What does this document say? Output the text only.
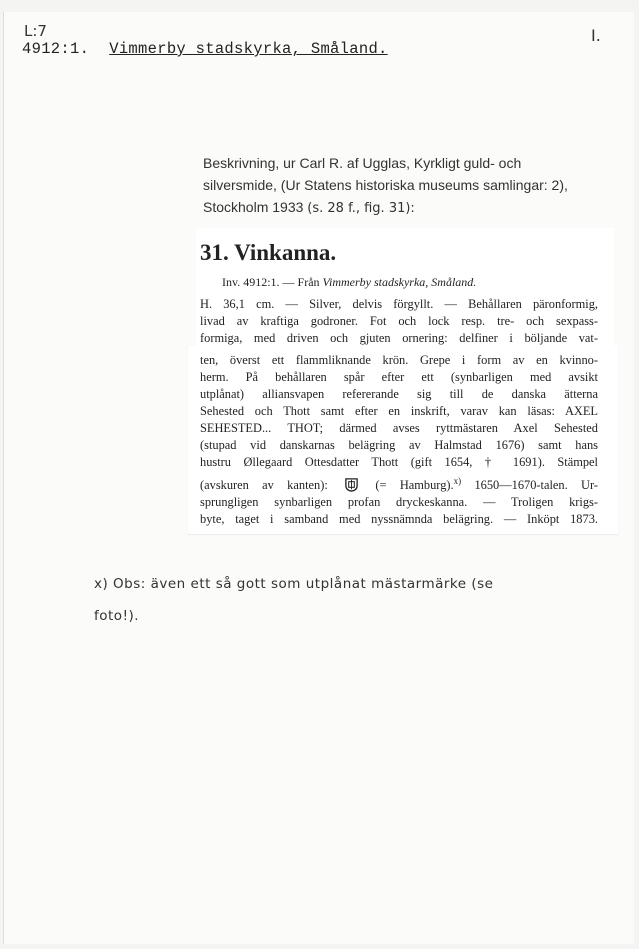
L:7	I.
4912:1. Vimmerby stadskyrka, Småland.
Beskrivning, ur Carl R. af Ugglas, Kyrkligt guld- och
silversmide, (Ur Statens historiska museums samlingar: 2),
Stockholm 1933 (s. 28 f., fig. 31):
31. Vinkanna.
Inv. 4912:1. — Från Vimmerby stadskyrka, Småland.
H. 36,1 cm. — Silver, delvis förgyllt. — Behållaren päronformig,
livad av kraftiga godroner. Fot och lock resp. tre- och sexpass-
formiga, med driven och gjuten ornering: delfiner i böljande vat-
ten, överst ett flammliknande krön. Grepe i form av en kvinno-
herm. På behållaren spår efter ett (synbarligen med avsikt
utplånat) alliansvapen refererande sig till de danska ätterna
Sehested och Thott samt efter en inskrift, varav kan läsas: AXEL
SEHESTED... THOT; därmed avses ryttmästaren Axel Sehested
(stupad vid danskarnas belägring av Halmstad 1676) samt hans
hustru Øllegaard Ottesdatter Thott (gift 1654, † 1691). Stämpel
(avskuren av kanten):	(= Hamburg).$^{x)}$ 1650—1670-talen. Ur-
sprungligen synbarligen profan dryckeskanna. — Troligen krigs-
byte, taget i samband med nyssnämnda belägring. — Inköpt 1873.
x) Obs: även ett så gott som utplånat mästarmärke (se
foto!).
